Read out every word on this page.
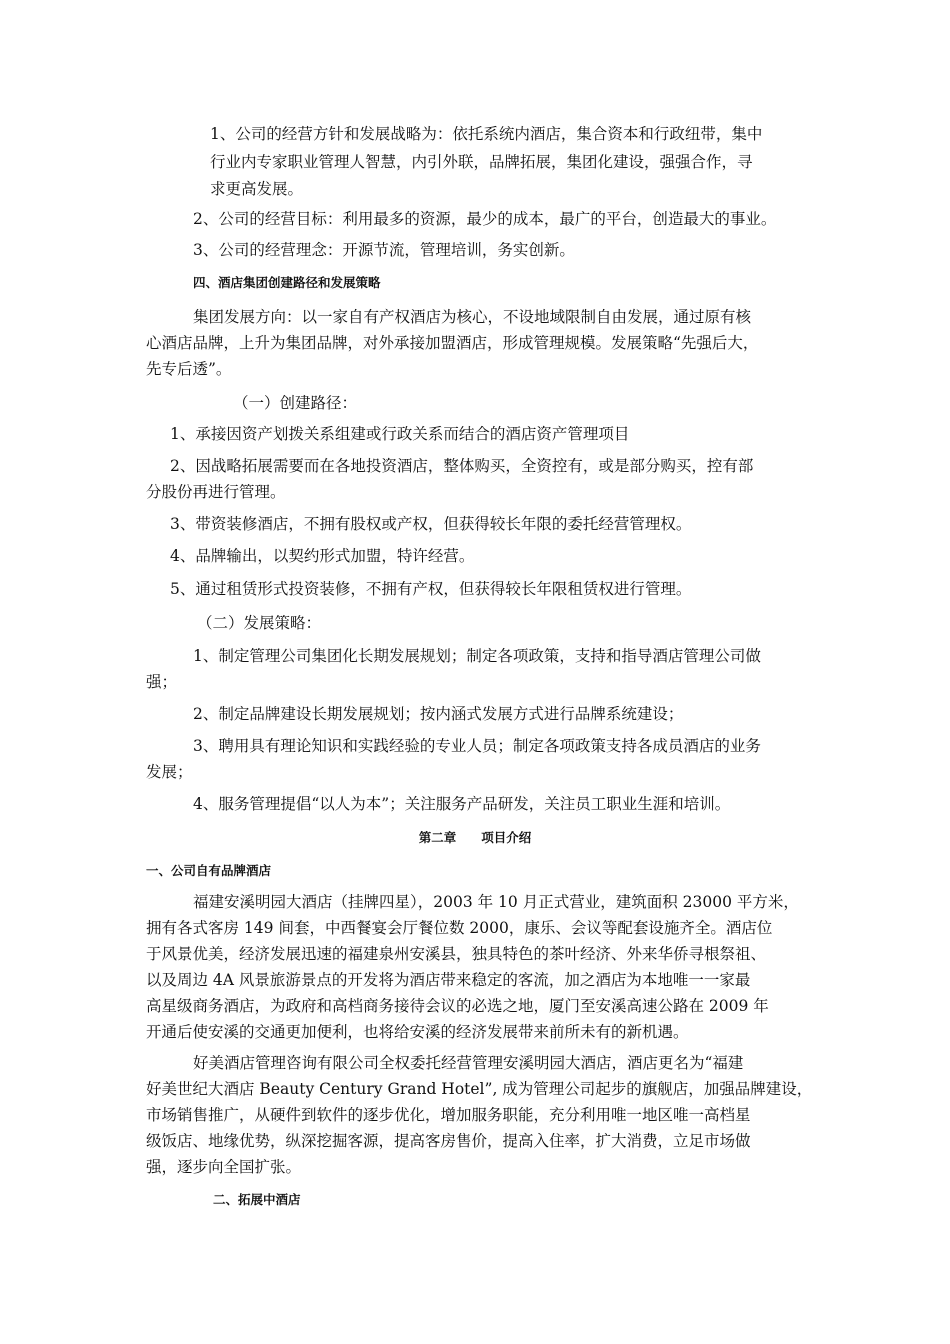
1、公司的经营方针和发展战略为：依托系统内酒店，集合资本和行政纽带，集中
行业内专家职业管理人智慧，内引外联，品牌拓展，集团化建设，强强合作，寻
求更高发展。
2、公司的经营目标：利用最多的资源，最少的成本，最广的平台，创造最大的事业。
3、公司的经营理念：开源节流，管理培训，务实创新。
四、酒店集团创建路径和发展策略
集团发展方向：以一家自有产权酒店为核心，不设地域限制自由发展，通过原有核
心酒店品牌，上升为集团品牌，对外承接加盟酒店，形成管理规模。发展策略“先强后大，
先专后透”。
（一）创建路径：
1、承接因资产划拨关系组建或行政关系而结合的酒店资产管理项目
2、因战略拓展需要而在各地投资酒店，整体购买，全资控有，或是部分购买，控有部
分股份再进行管理。
3、带资装修酒店，不拥有股权或产权，但获得较长年限的委托经营管理权。
4、品牌输出，以契约形式加盟，特许经营。
5、通过租赁形式投资装修，不拥有产权，但获得较长年限租赁权进行管理。
（二）发展策略：
1、制定管理公司集团化长期发展规划；制定各项政策，支持和指导酒店管理公司做
强；
2、制定品牌建设长期发展规划；按内涵式发展方式进行品牌系统建设；
3、聘用具有理论知识和实践经验的专业人员；制定各项政策支持各成员酒店的业务
发展；
4、服务管理提倡“以人为本”；关注服务产品研发，关注员工职业生涯和培训。
第二章　　项目介绍
一、公司自有品牌酒店
福建安溪明园大酒店（挂牌四星），2003 年 10 月正式营业，建筑面积 23000 平方米，
拥有各式客房 149 间套，中西餐宴会厅餐位数 2000，康乐、会议等配套设施齐全。酒店位
于风景优美，经济发展迅速的福建泉州安溪县，独具特色的茶叶经济、外来华侨寻根祭祖、
以及周边 4A 风景旅游景点的开发将为酒店带来稳定的客流，加之酒店为本地唯一一家最
高星级商务酒店，为政府和高档商务接待会议的必选之地，厦门至安溪高速公路在 2009 年
开通后使安溪的交通更加便利，也将给安溪的经济发展带来前所未有的新机遇。
好美酒店管理咨询有限公司全权委托经营管理安溪明园大酒店，酒店更名为“福建
好美世纪大酒店 Beauty Century Grand Hotel”, 成为管理公司起步的旗舰店，加强品牌建设，
市场销售推广，从硬件到软件的逐步优化，增加服务职能，充分利用唯一地区唯一高档星
级饭店、地缘优势，纵深挖掘客源，提高客房售价，提高入住率，扩大消费，立足市场做
强，逐步向全国扩张。
二、拓展中酒店
